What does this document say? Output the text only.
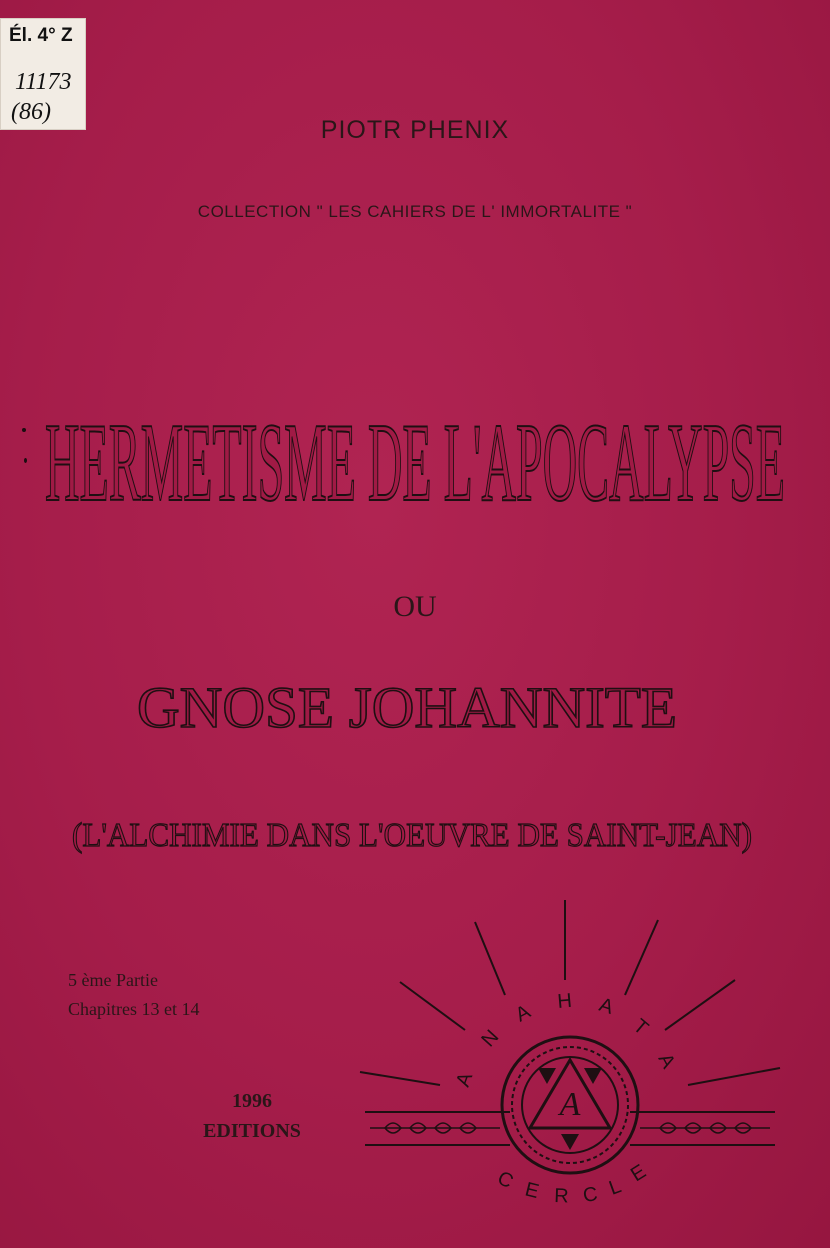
Él. 4° Z
11173
(86)
PIOTR PHENIX
COLLECTION " LES CAHIERS DE L' IMMORTALITE "
HERMETISME DE L'APOCALYPSE
OU
GNOSE JOHANNITE
(L'ALCHIMIE DANS L'OEUVRE DE SAINT-JEAN)
5 ème Partie
Chapitres 13 et 14
1996
EDITIONS
A
A
N
A H A
T
A
C E R C L
E
